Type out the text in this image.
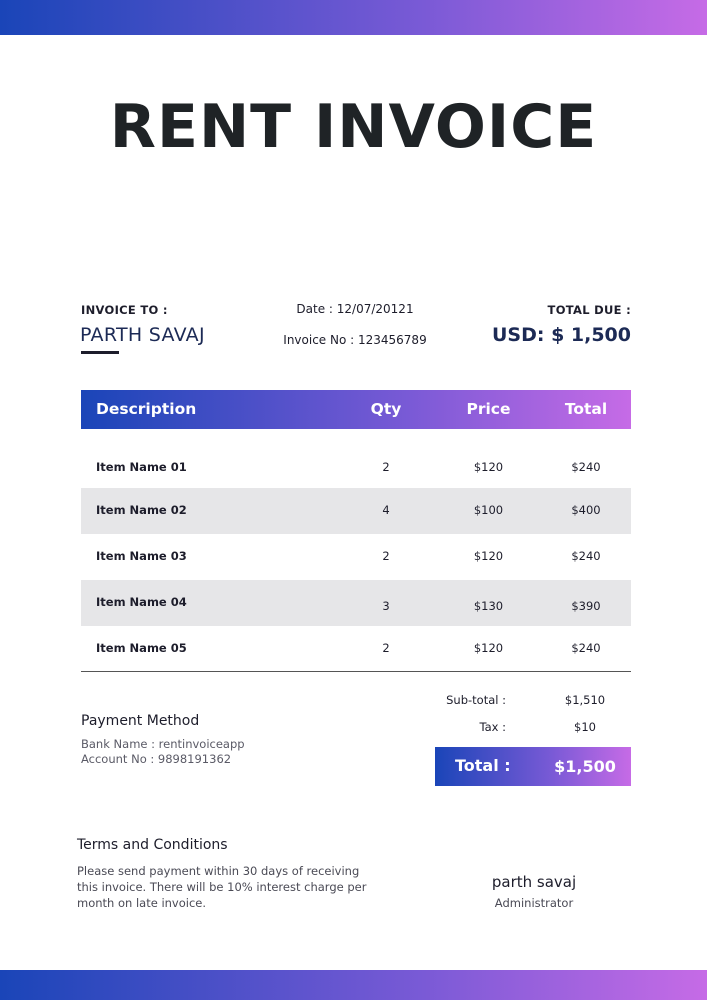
RENT INVOICE
INVOICE TO :
PARTH SAVAJ
Date : 12/07/20121
Invoice No : 123456789
TOTAL DUE :
USD: $ 1,500
Description	Qty	Price	Total
Item Name 01	2	$120	$240
Item Name 02	4	$100	$400
Item Name 03	2	$120	$240
Item Name 04	3	$130	$390
Item Name 05	2	$120	$240
Payment Method
Bank Name : rentinvoiceapp
Account No : 9898191362
Sub-total :	$1,510
Tax :	$10
Total :	$1,500
Terms and Conditions
Please send payment within 30 days of receiving this invoice. There will be 10% interest charge per month on late invoice.
parth savaj
Administrator
